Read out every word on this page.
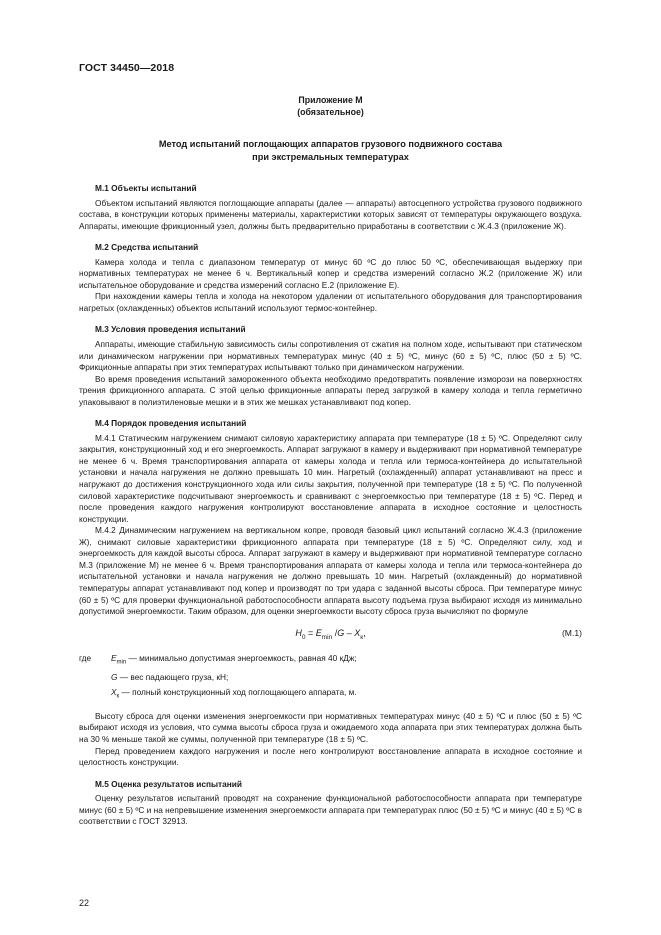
ГОСТ 34450—2018
Приложение М
(обязательное)
Метод испытаний поглощающих аппаратов грузового подвижного состава
при экстремальных температурах
М.1 Объекты испытаний

Объектом испытаний являются поглощающие аппараты (далее — аппараты) автосцепного устройства грузового подвижного состава, в конструкции которых применены материалы, характеристики которых зависят от температуры окружающего воздуха. Аппараты, имеющие фрикционный узел, должны быть предварительно приработаны в соответствии с Ж.4.3 (приложение Ж).

М.2 Средства испытаний

Камера холода и тепла с диапазоном температур от минус 60 ºС до плюс 50 ºС, обеспечивающая выдержку при нормативных температурах не менее 6 ч. Вертикальный копер и средства измерений согласно Ж.2 (приложение Ж) или испытательное оборудование и средства измерений согласно Е.2 (приложение Е).

При нахождении камеры тепла и холода на некотором удалении от испытательного оборудования для транспортирования нагретых (охлажденных) объектов испытаний используют термос-контейнер.

М.3 Условия проведения испытаний

Аппараты, имеющие стабильную зависимость силы сопротивления от сжатия на полном ходе, испытывают при статическом или динамическом нагружении при нормативных температурах минус (40 ± 5) ºС, минус (60 ± 5) ºС, плюс (50 ± 5) ºС. Фрикционные аппараты при этих температурах испытывают только при динамическом нагружении.

Во время проведения испытаний замороженного объекта необходимо предотвратить появление изморози на поверхностях трения фрикционного аппарата. С этой целью фрикционные аппараты перед загрузкой в камеру холода и тепла герметично упаковывают в полиэтиленовые мешки и в этих же мешках устанавливают под копер.

М.4 Порядок проведения испытаний

М.4.1 Статическим нагружением снимают силовую характеристику аппарата при температуре (18 ± 5) ºС. Определяют силу закрытия, конструкционный ход и его энергоемкость. Аппарат загружают в камеру и выдерживают при нормативной температуре не менее 6 ч. Время транспортирования аппарата от камеры холода и тепла или термоса-контейнера до испытательной установки и начала нагружения не должно превышать 10 мин. Нагретый (охлажденный) аппарат устанавливают на пресс и нагружают до достижения конструкционного хода или силы закрытия, полученной при температуре (18 ± 5) ºС. По полученной силовой характеристике подсчитывают энергоемкость и сравнивают с энергоемкостью при температуре (18 ± 5) ºС. Перед и после проведения каждого нагружения контролируют восстановление аппарата в исходное состояние и целостность конструкции.

М.4.2 Динамическим нагружением на вертикальном копре, проводя базовый цикл испытаний согласно Ж.4.3 (приложение Ж), снимают силовые характеристики фрикционного аппарата при температуре (18 ± 5) ºС. Определяют силу, ход и энергоемкость для каждой высоты сброса. Аппарат загружают в камеру и выдерживают при нормативной температуре согласно М.3 (приложение М) не менее 6 ч. Время транспортирования аппарата от камеры холода и тепла или термоса-контейнера до испытательной установки и начала нагружения не должно превышать 10 мин. Нагретый (охлажденный) до нормативной температуры аппарат устанавливают под копер и производят по три удара с заданной высоты сброса. При температуре минус (60 ± 5) ºС для проверки функциональной работоспособности аппарата высоту подъема груза выбирают исходя из минимально допустимой энергоемкости. Таким образом, для оценки энергоемкости высоту сброса груза вычисляют по формуле

$H_0 = E_{min}$ $/G - X_к$,	(М.1)
где	$E_{min}$ — минимально допустимая энергоемкость, равная 40 кДж;
G — вес падающего груза, кН;
$X_к$ — полный конструкционный ход поглощающего аппарата, м.

Высоту сброса для оценки изменения энергоемкости при нормативных температурах минус (40 ± 5) ºС и плюс (50 ± 5) ºС выбирают исходя из условия, что сумма высоты сброса груза и ожидаемого хода аппарата при этих температурах должна быть на 30 % меньше такой же суммы, полученной при температуре (18 ± 5) ºС.

Перед проведением каждого нагружения и после него контролируют восстановление аппарата в исходное состояние и целостность конструкции.

М.5 Оценка результатов испытаний

Оценку результатов испытаний проводят на сохранение функциональной работоспособности аппарата при температуре минус (60 ± 5) ºС и на непревышение изменения энергоемкости аппарата при температурах плюс (50 ± 5) ºС и минус (40 ± 5) ºС в соответствии с ГОСТ 32913.

22
